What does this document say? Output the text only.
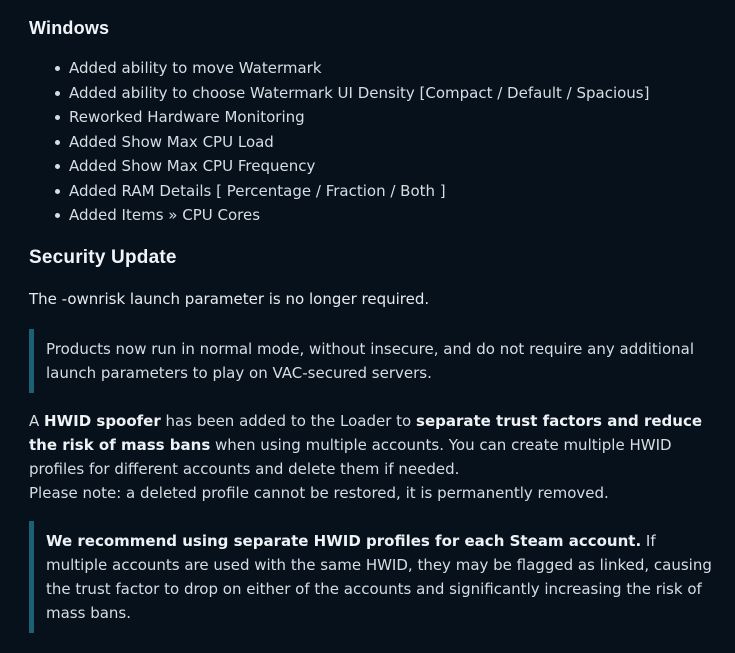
Windows
Added ability to move Watermark
Added ability to choose Watermark UI Density [Compact / Default / Spacious]
Reworked Hardware Monitoring
Added Show Max CPU Load
Added Show Max CPU Frequency
Added RAM Details [ Percentage / Fraction / Both ]
Added Items » CPU Cores
Security Update

The -ownrisk launch parameter is no longer required.

Products now run in normal mode, without insecure, and do not require any additional launch parameters to play on VAC-secured servers.

A HWID spoofer has been added to the Loader to separate trust factors and reduce the risk of mass bans when using multiple accounts. You can create multiple HWID profiles for different accounts and delete them if needed.

Please note: a deleted profile cannot be restored, it is permanently removed.

We recommend using separate HWID profiles for each Steam account. If multiple accounts are used with the same HWID, they may be flagged as linked, causing the trust factor to drop on either of the accounts and significantly increasing the risk of mass bans.
